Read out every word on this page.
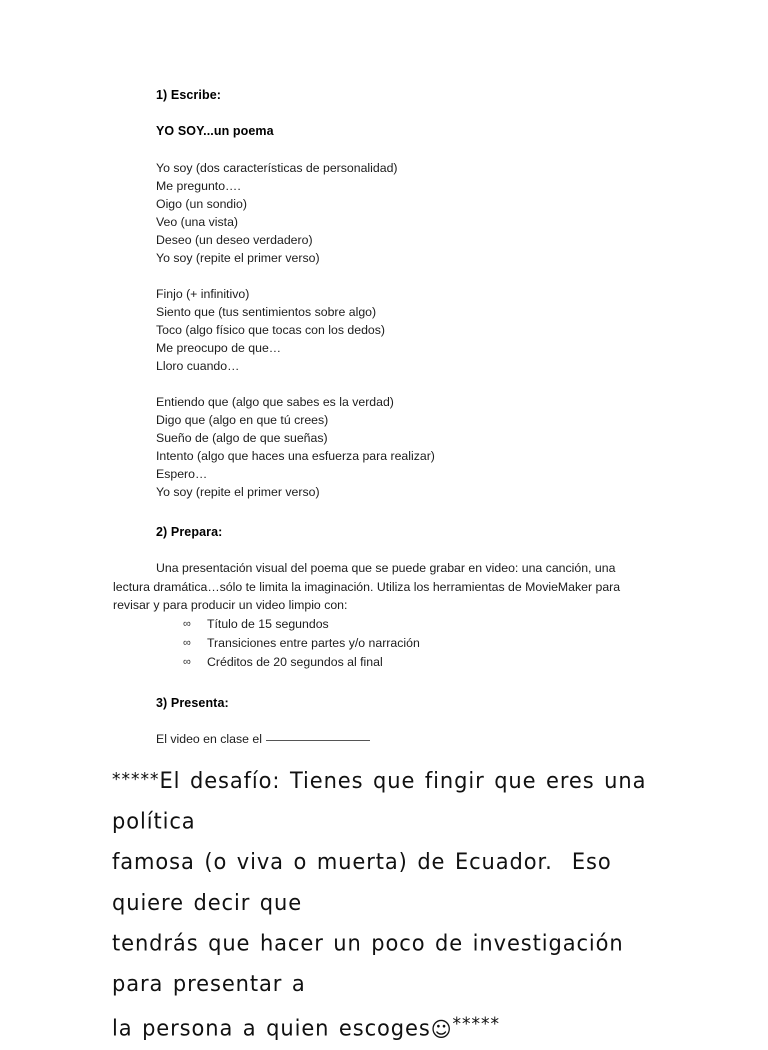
1) Escribe:
YO SOY...un poema
Yo soy (dos características de personalidad)
Me pregunto….
Oigo (un sondio)
Veo (una vista)
Deseo (un deseo verdadero)
Yo soy (repite el primer verso)
Finjo (+ infinitivo)
Siento que (tus sentimientos sobre algo)
Toco (algo físico que tocas con los dedos)
Me preocupo de que…
Lloro cuando…
Entiendo que (algo que sabes es la verdad)
Digo que (algo en que tú crees)
Sueño de (algo de que sueñas)
Intento (algo que haces una esfuerza para realizar)
Espero…
Yo soy (repite el primer verso)
2) Prepara:

Una presentación visual del poema que se puede grabar en video: una canción, una lectura dramática…sólo te limita la imaginación. Utiliza los herramientas de MovieMaker para revisar y para producir un video limpio con:

∞ Título de 15 segundos
∞ Transiciones entre partes y/o narración
∞ Créditos de 20 segundos al final
3) Presenta:
El video en clase el
*****El desafío: Tienes que fingir que eres una política
famosa (o viva o muerta) de Ecuador.  Eso quiere decir que
tendrás que hacer un poco de investigación para presentar a
la persona a quien escoges☺*****
